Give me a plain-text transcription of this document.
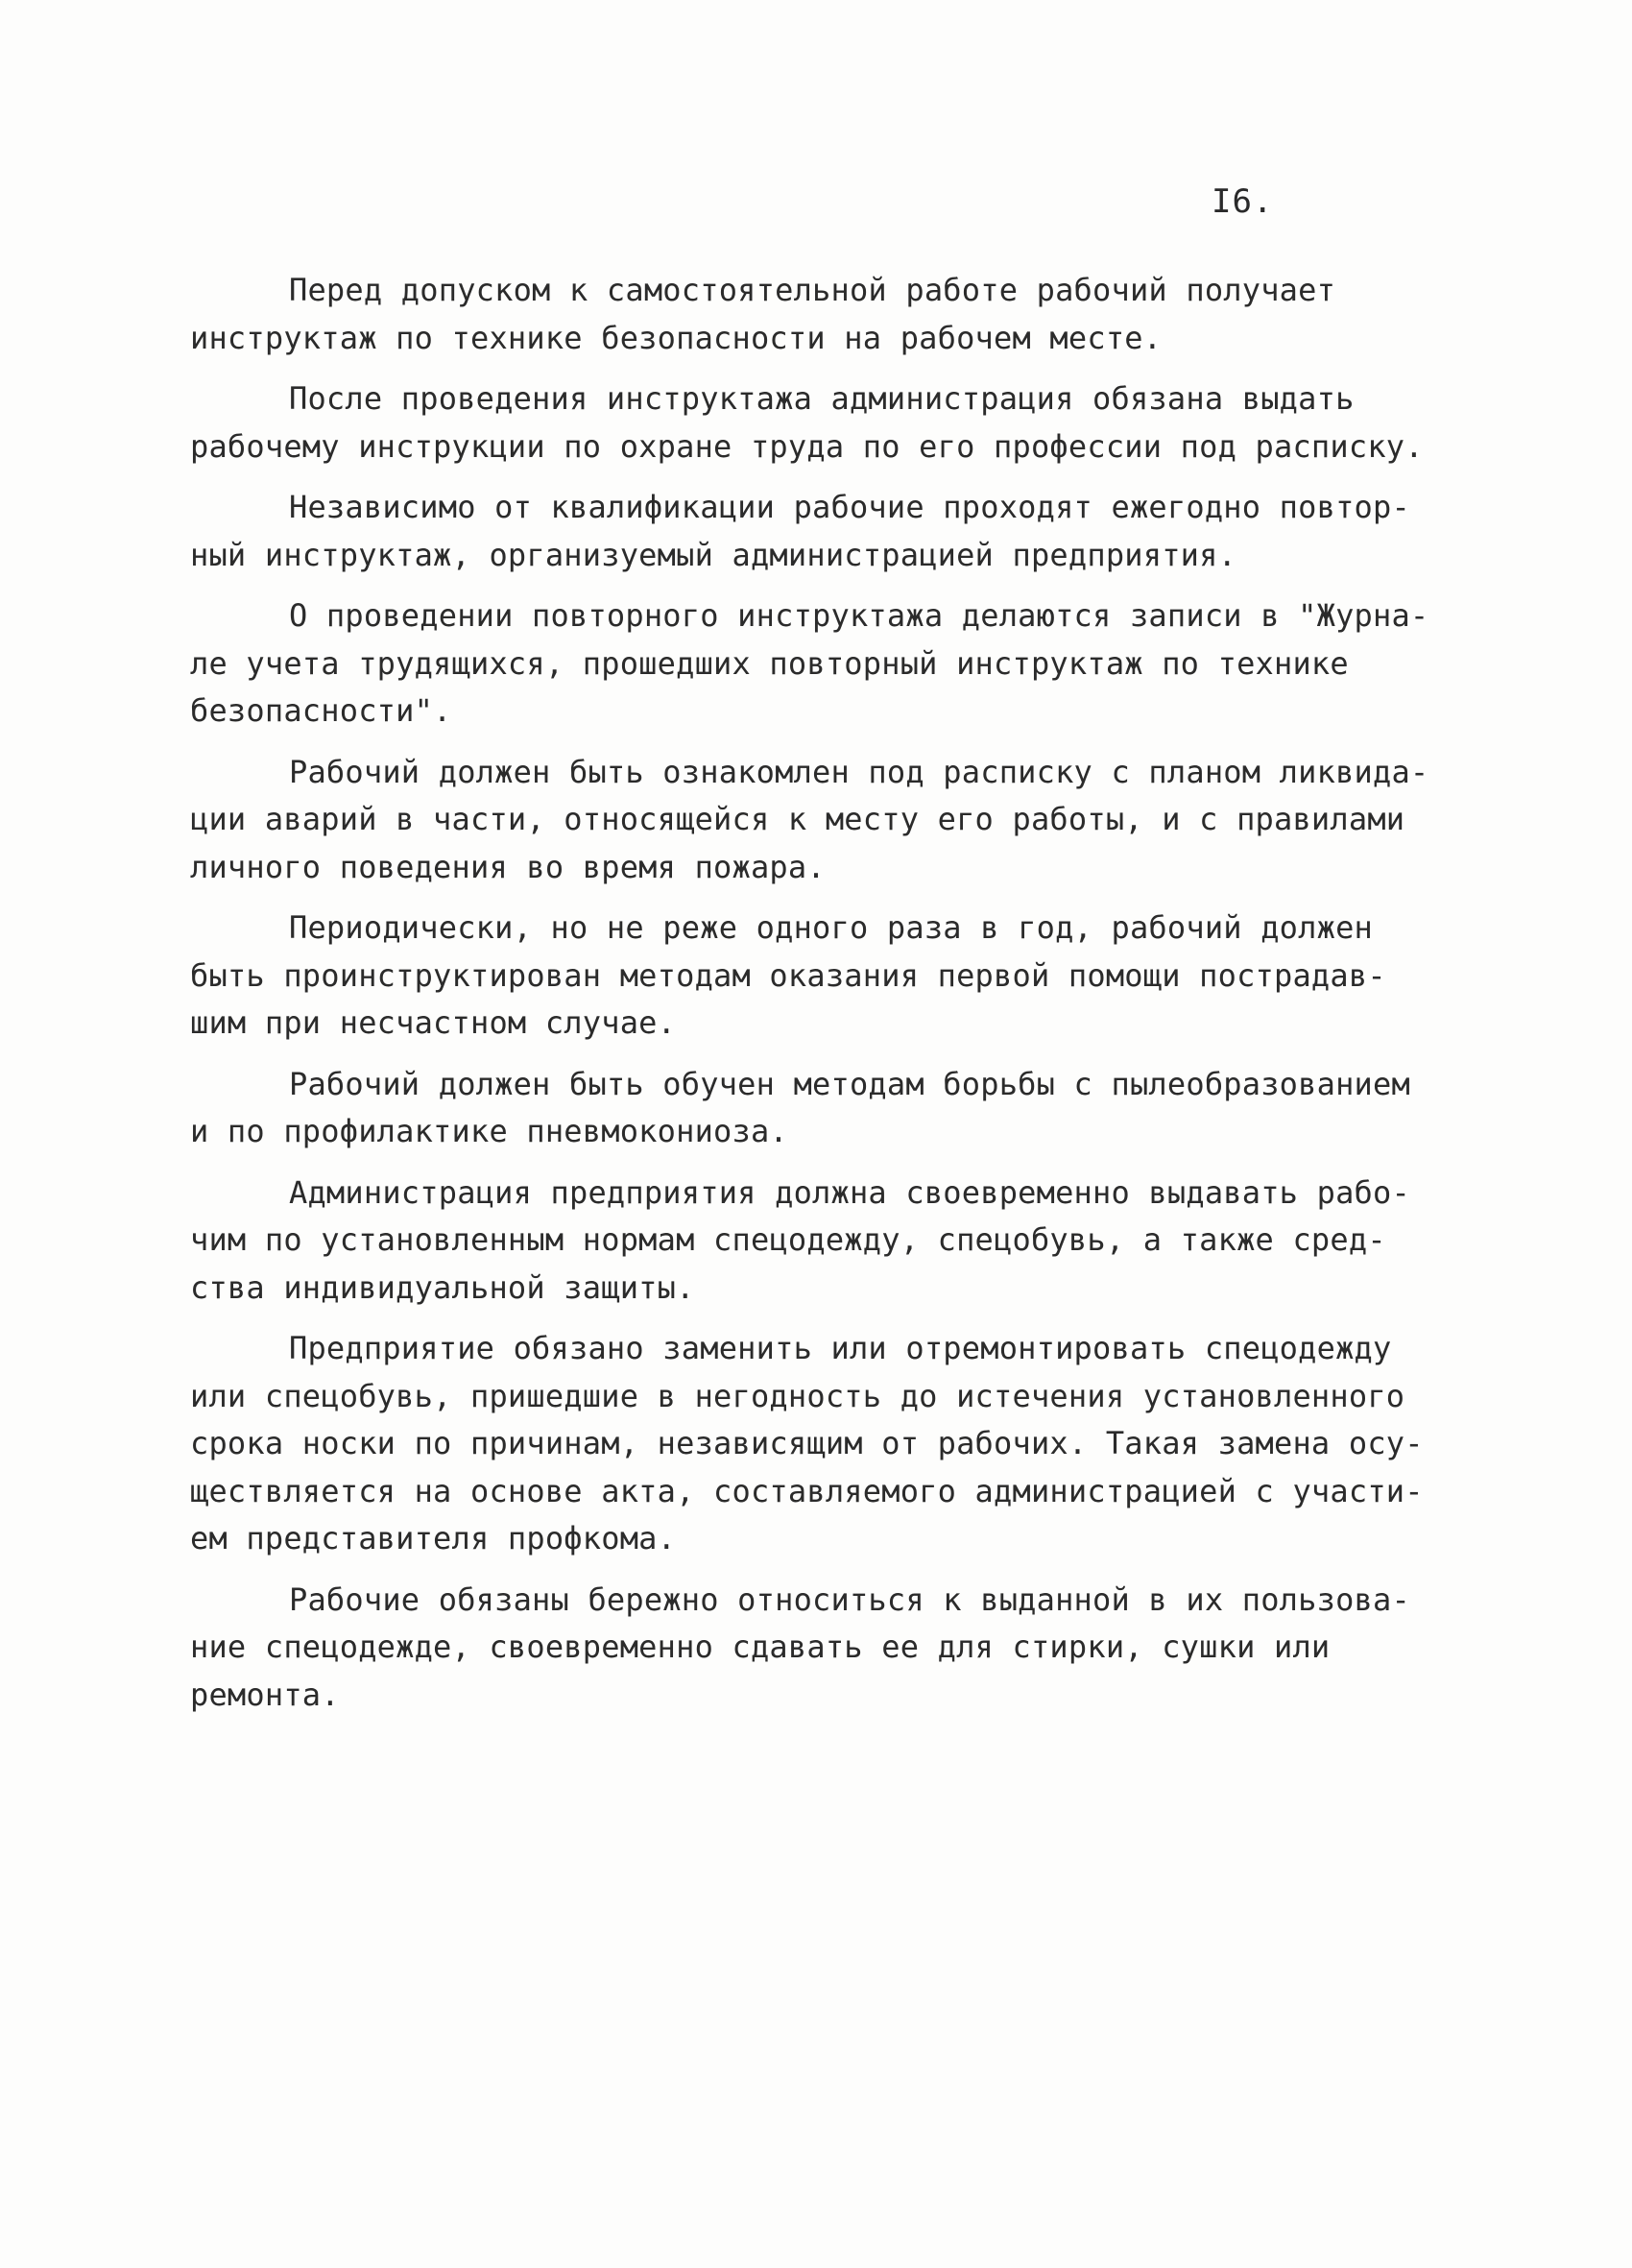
I6.
Перед допуском к самостоятельной работе рабочий получает
инструктаж по технике безопасности на рабочем месте.
После проведения инструктажа администрация обязана выдать
рабочему инструкции по охране труда по его профессии под расписку.
Независимо от квалификации рабочие проходят ежегодно повтор-
ный инструктаж, организуемый администрацией предприятия.
О проведении повторного инструктажа делаются записи в "Журна-
ле учета трудящихся, прошедших повторный инструктаж по технике
безопасности".
Рабочий должен быть ознакомлен под расписку с планом ликвида-
ции аварий в части, относящейся к месту его работы, и с правилами
личного поведения во время пожара.
Периодически, но не реже одного раза в год, рабочий должен
быть проинструктирован методам оказания первой помощи пострадав-
шим при несчастном случае.
Рабочий должен быть обучен методам борьбы с пылеобразованием
и по профилактике пневмокониоза.
Администрация предприятия должна своевременно выдавать рабо-
чим по установленным нормам спецодежду, спецобувь, а также сред-
ства индивидуальной защиты.
Предприятие обязано заменить или отремонтировать спецодежду
или спецобувь, пришедшие в негодность до истечения установленного
срока носки по причинам, независящим от рабочих. Такая замена осу-
ществляется на основе акта, составляемого администрацией с участи-
ем представителя профкома.
Рабочие обязаны бережно относиться к выданной в их пользова-
ние спецодежде, своевременно сдавать ее для стирки, сушки или
ремонта.
